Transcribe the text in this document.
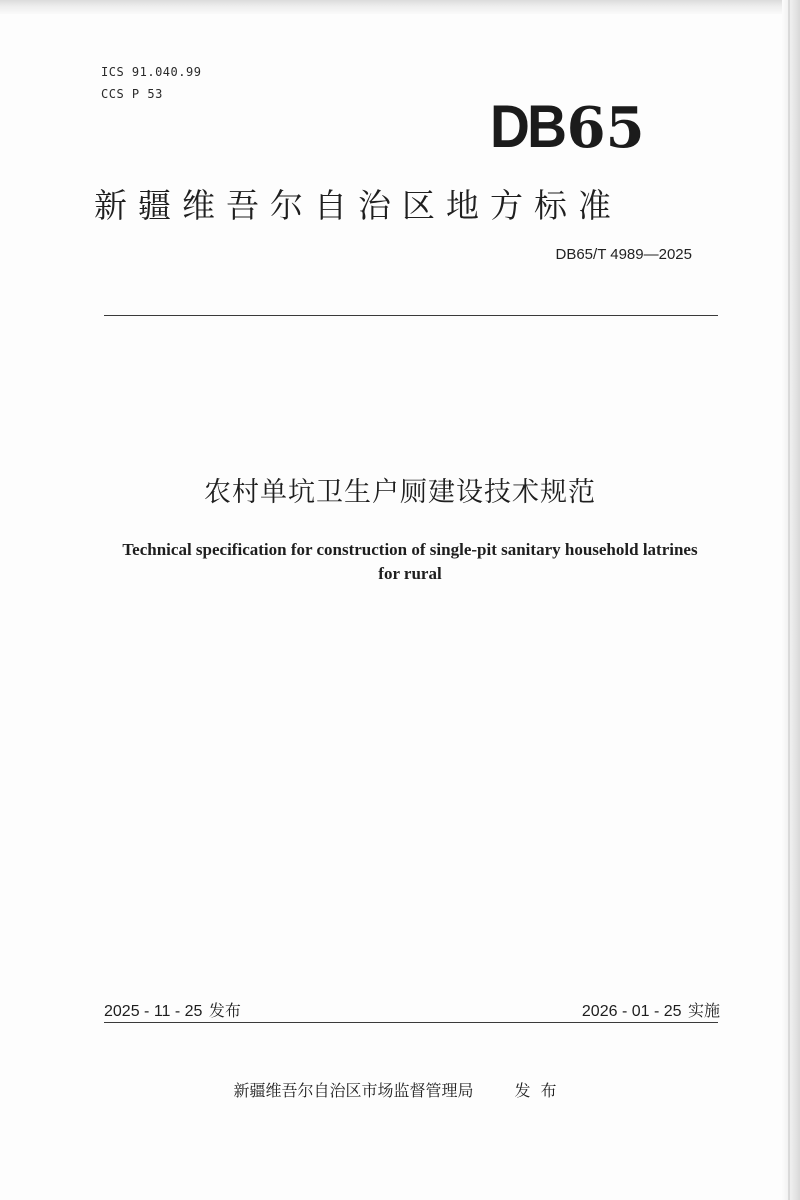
ICS 91.040.99
CCS P 53	DB 65
新疆维吾尔自治区地方标准
DB65/T 4989—2025
农村单坑卫生户厕建设技术规范
Technical specification for construction of single-pit sanitary household latrines
for rural
2025 - 11 - 25 发布	2026 - 01 - 25 实施
新疆维吾尔自治区市场监督管理局	发布
